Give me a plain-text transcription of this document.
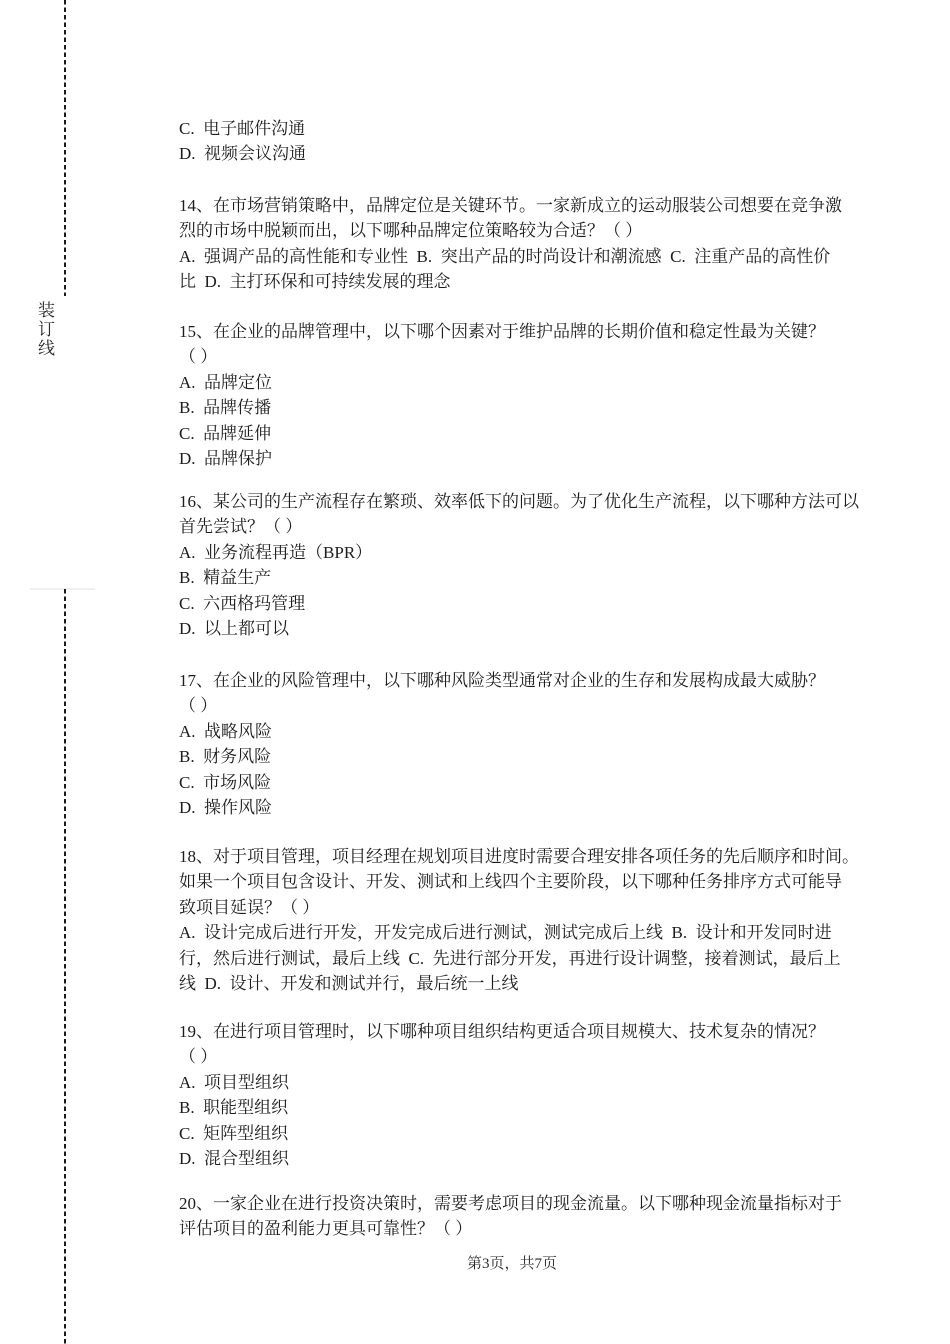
装订线
C.  电子邮件沟通
D.  视频会议沟通
14、在市场营销策略中，品牌定位是关键环节。一家新成立的运动服装公司想要在竞争激
烈的市场中脱颖而出，以下哪种品牌定位策略较为合适？（ ）
A.  强调产品的高性能和专业性  B.  突出产品的时尚设计和潮流感  C.  注重产品的高性价
比  D.  主打环保和可持续发展的理念
15、在企业的品牌管理中，以下哪个因素对于维护品牌的长期价值和稳定性最为关键？
（ ）
A.  品牌定位
B.  品牌传播
C.  品牌延伸
D.  品牌保护
16、某公司的生产流程存在繁琐、效率低下的问题。为了优化生产流程，以下哪种方法可以
首先尝试？（ ）
A.  业务流程再造（BPR）
B.  精益生产
C.  六西格玛管理
D.  以上都可以
17、在企业的风险管理中，以下哪种风险类型通常对企业的生存和发展构成最大威胁？
（ ）
A.  战略风险
B.  财务风险
C.  市场风险
D.  操作风险
18、对于项目管理，项目经理在规划项目进度时需要合理安排各项任务的先后顺序和时间。
如果一个项目包含设计、开发、测试和上线四个主要阶段，以下哪种任务排序方式可能导
致项目延误？（ ）
A.  设计完成后进行开发，开发完成后进行测试，测试完成后上线  B.  设计和开发同时进
行，然后进行测试，最后上线  C.  先进行部分开发，再进行设计调整，接着测试，最后上
线  D.  设计、开发和测试并行，最后统一上线
19、在进行项目管理时，以下哪种项目组织结构更适合项目规模大、技术复杂的情况？
（ ）
A.  项目型组织
B.  职能型组织
C.  矩阵型组织
D.  混合型组织
20、一家企业在进行投资决策时，需要考虑项目的现金流量。以下哪种现金流量指标对于
评估项目的盈利能力更具可靠性？（ ）
第3页，共7页
